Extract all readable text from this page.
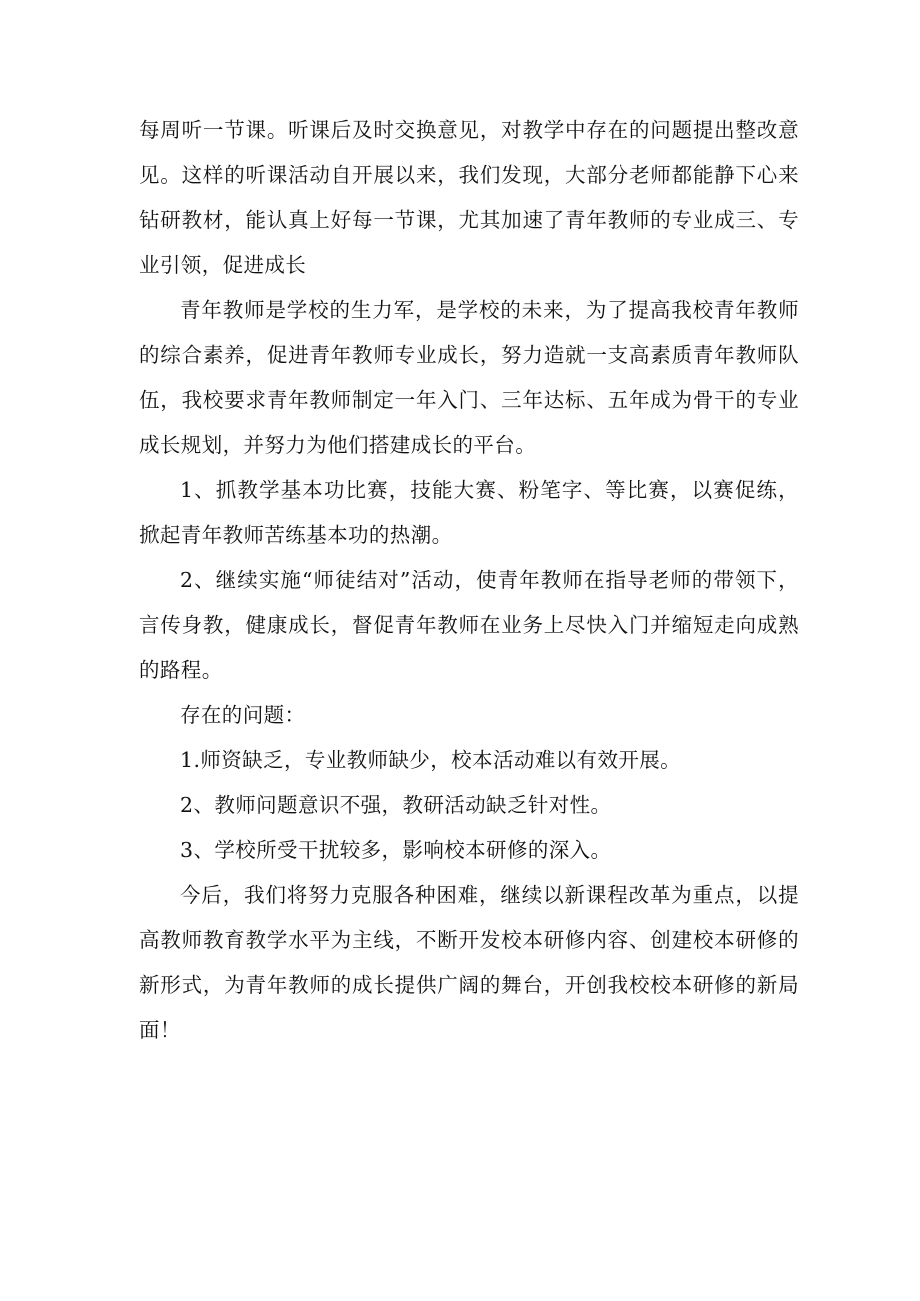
每周听一节课。听课后及时交换意见，对教学中存在的问题提出整改意见。这样的听课活动自开展以来，我们发现，大部分老师都能静下心来钻研教材，能认真上好每一节课，尤其加速了青年教师的专业成三、专业引领，促进成长

青年教师是学校的生力军，是学校的未来，为了提高我校青年教师的综合素养，促进青年教师专业成长，努力造就一支高素质青年教师队伍，我校要求青年教师制定一年入门、三年达标、五年成为骨干的专业成长规划，并努力为他们搭建成长的平台。

1、抓教学基本功比赛，技能大赛、粉笔字、等比赛，以赛促练，掀起青年教师苦练基本功的热潮。

2、继续实施“师徒结对”活动，使青年教师在指导老师的带领下，言传身教，健康成长，督促青年教师在业务上尽快入门并缩短走向成熟的路程。

存在的问题：

1.师资缺乏，专业教师缺少，校本活动难以有效开展。

2、教师问题意识不强，教研活动缺乏针对性。

3、学校所受干扰较多，影响校本研修的深入。

今后，我们将努力克服各种困难，继续以新课程改革为重点，以提高教师教育教学水平为主线，不断开发校本研修内容、创建校本研修的新形式，为青年教师的成长提供广阔的舞台，开创我校校本研修的新局面！
